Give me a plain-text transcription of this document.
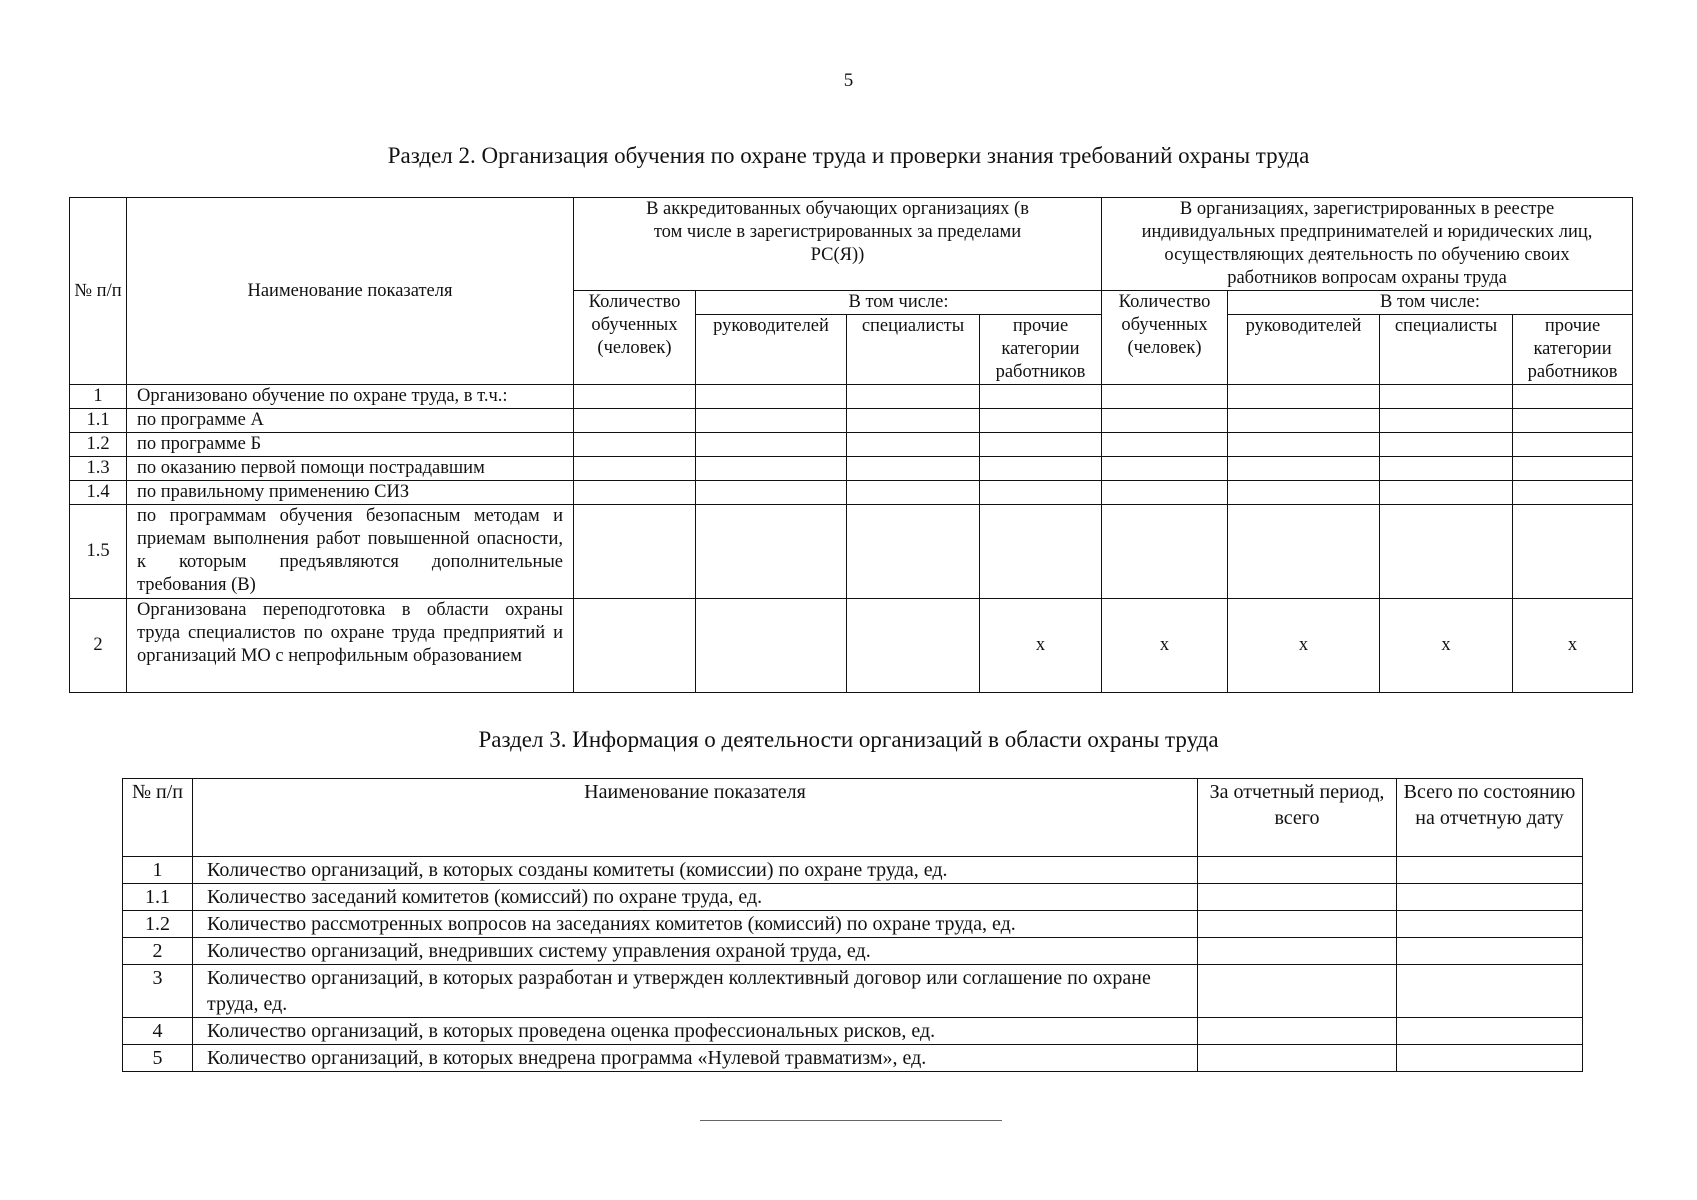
5
Раздел 2. Организация обучения по охране труда и проверки знания требований охраны труда
№ п/п	Наименование показателя	В аккредитованных обучающих организациях (в том числе в зарегистрированных за пределами РС(Я))				В организациях, зарегистрированных в реестре индивидуальных предпринимателей и юридических лиц, осуществляющих деятельность по обучению своих работников вопросам охраны труда			
		Количество обученных (человек)	В том числе:			Количество обученных (человек)	В том числе:		
			руководителей	специалисты	прочие категории работников		руководителей	специалисты	прочие категории работников
1	Организовано обучение по охране труда, в т.ч.:								
1.1	по программе А								
1.2	по программе Б								
1.3	по оказанию первой помощи пострадавшим								
1.4	по правильному применению СИЗ								
1.5	по программам обучения безопасным методам и приемам выполнения работ повышенной опасности, к которым предъявляются дополнительные требования (В)								
2	Организована переподготовка в области охраны труда специалистов по охране труда предприятий и организаций МО с непрофильным образованием				х	х	х	х	х
Раздел 3. Информация о деятельности организаций в области охраны труда
№ п/п	Наименование показателя	За отчетный период, всего	Всего по состоянию на отчетную дату
1	Количество организаций, в которых созданы комитеты (комиссии) по охране труда, ед.		
1.1	Количество заседаний комитетов (комиссий) по охране труда, ед.		
1.2	Количество рассмотренных вопросов на заседаниях комитетов (комиссий) по охране труда, ед.		
2	Количество организаций, внедривших систему управления охраной труда, ед.		
3	Количество организаций, в которых разработан и утвержден коллективный договор или соглашение по охране труда, ед.		
4	Количество организаций, в которых проведена оценка профессиональных рисков, ед.		
5	Количество организаций, в которых внедрена программа «Нулевой травматизм», ед.		
